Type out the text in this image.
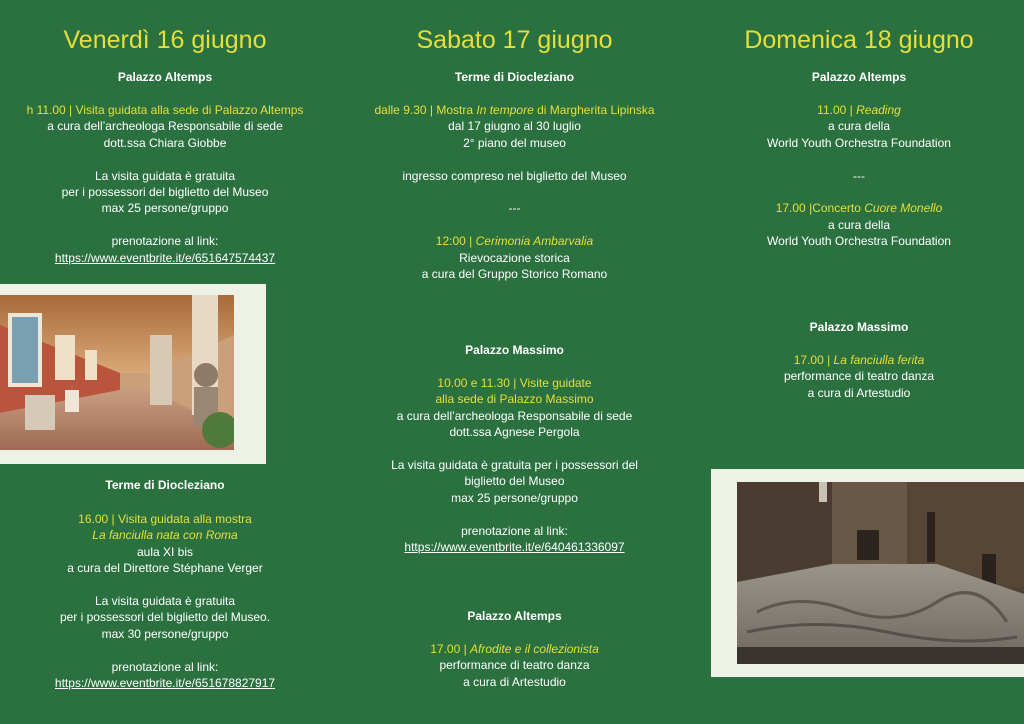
Venerdì 16 giugno
Palazzo Altemps

h 11.00 | Visita guidata alla sede di Palazzo Altemps

a cura dell’archeologa Responsabile di sede

dott.ssa Chiara Giobbe

La visita guidata è gratuita

per i possessori del biglietto del Museo

max 25 persone/gruppo

prenotazione al link:

https://www.eventbrite.it/e/651647574437

Terme di Diocleziano

16.00 | Visita guidata alla mostra

La fanciulla nata con Roma

aula XI bis

a cura del Direttore Stéphane Verger

La visita guidata è gratuita

per i possessori del biglietto del Museo.

max 30 persone/gruppo

prenotazione al link:

https://www.eventbrite.it/e/651678827917

Sabato 17 giugno
Terme di Diocleziano

dalle 9.30 | Mostra In tempore di Margherita Lipinska

dal 17 giugno al 30 luglio

2° piano del museo

ingresso compreso nel biglietto del Museo

---

12:00 | Cerimonia Ambarvalia

Rievocazione storica

a cura del Gruppo Storico Romano

Palazzo Massimo

10.00 e 11.30 | Visite guidate

alla sede di Palazzo Massimo

a cura dell’archeologa Responsabile di sede

dott.ssa Agnese Pergola

La visita guidata è gratuita per i possessori del

biglietto del Museo

max 25 persone/gruppo

prenotazione al link:

https://www.eventbrite.it/e/640461336097

Palazzo Altemps

17.00 | Afrodite e il collezionista

performance di teatro danza

a cura di Artestudio

Domenica 18 giugno
Palazzo Altemps

11.00 | Reading

a cura della

World Youth Orchestra Foundation

---

17.00 |Concerto Cuore Monello

a cura della

World Youth Orchestra Foundation

Palazzo Massimo

17.00 | La fanciulla ferita

performance di teatro danza

a cura di Artestudio
